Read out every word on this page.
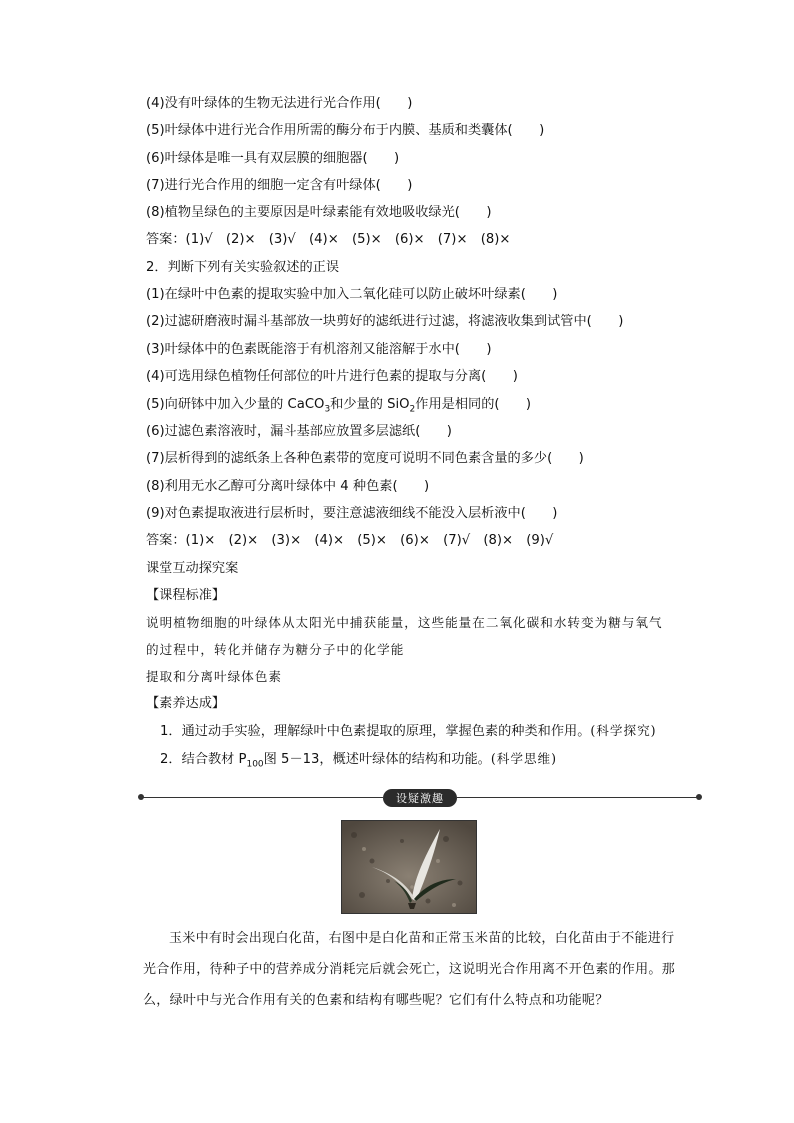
(4)没有叶绿体的生物无法进行光合作用(　　)
(5)叶绿体中进行光合作用所需的酶分布于内膜、基质和类囊体(　　)
(6)叶绿体是唯一具有双层膜的细胞器(　　)
(7)进行光合作用的细胞一定含有叶绿体(　　)
(8)植物呈绿色的主要原因是叶绿素能有效地吸收绿光(　　)
答案：(1)√　(2)×　(3)√　(4)×　(5)×　(6)×　(7)×　(8)×
2．判断下列有关实验叙述的正误
(1)在绿叶中色素的提取实验中加入二氧化硅可以防止破坏叶绿素(　　)
(2)过滤研磨液时漏斗基部放一块剪好的滤纸进行过滤，将滤液收集到试管中(　　)
(3)叶绿体中的色素既能溶于有机溶剂又能溶解于水中(　　)
(4)可选用绿色植物任何部位的叶片进行色素的提取与分离(　　)
(5)向研钵中加入少量的 CaCO$_3$和少量的 SiO$_2$作用是相同的(　　)
(6)过滤色素溶液时，漏斗基部应放置多层滤纸(　　)
(7)层析得到的滤纸条上各种色素带的宽度可说明不同色素含量的多少(　　)
(8)利用无水乙醇可分离叶绿体中 4 种色素(　　)
(9)对色素提取液进行层析时，要注意滤液细线不能没入层析液中(　　)
答案：(1)×　(2)×　(3)×　(4)×　(5)×　(6)×　(7)√　(8)×　(9)√
课堂互动探究案
【课程标准】
说明植物细胞的叶绿体从太阳光中捕获能量，这些能量在二氧化碳和水转变为糖与氧气
的过程中，转化并储存为糖分子中的化学能
提取和分离叶绿体色素
【素养达成】
1．通过动手实验，理解绿叶中色素提取的原理，掌握色素的种类和作用。(科学探究)
2．结合教材 $P_{100}$图 5－13，概述叶绿体的结构和功能。(科学思维)
设疑激趣
玉米中有时会出现白化苗，右图中是白化苗和正常玉米苗的比较，白化苗由于不能进行光合作用，待种子中的营养成分消耗完后就会死亡，这说明光合作用离不开色素的作用。那么，绿叶中与光合作用有关的色素和结构有哪些呢？它们有什么特点和功能呢？
